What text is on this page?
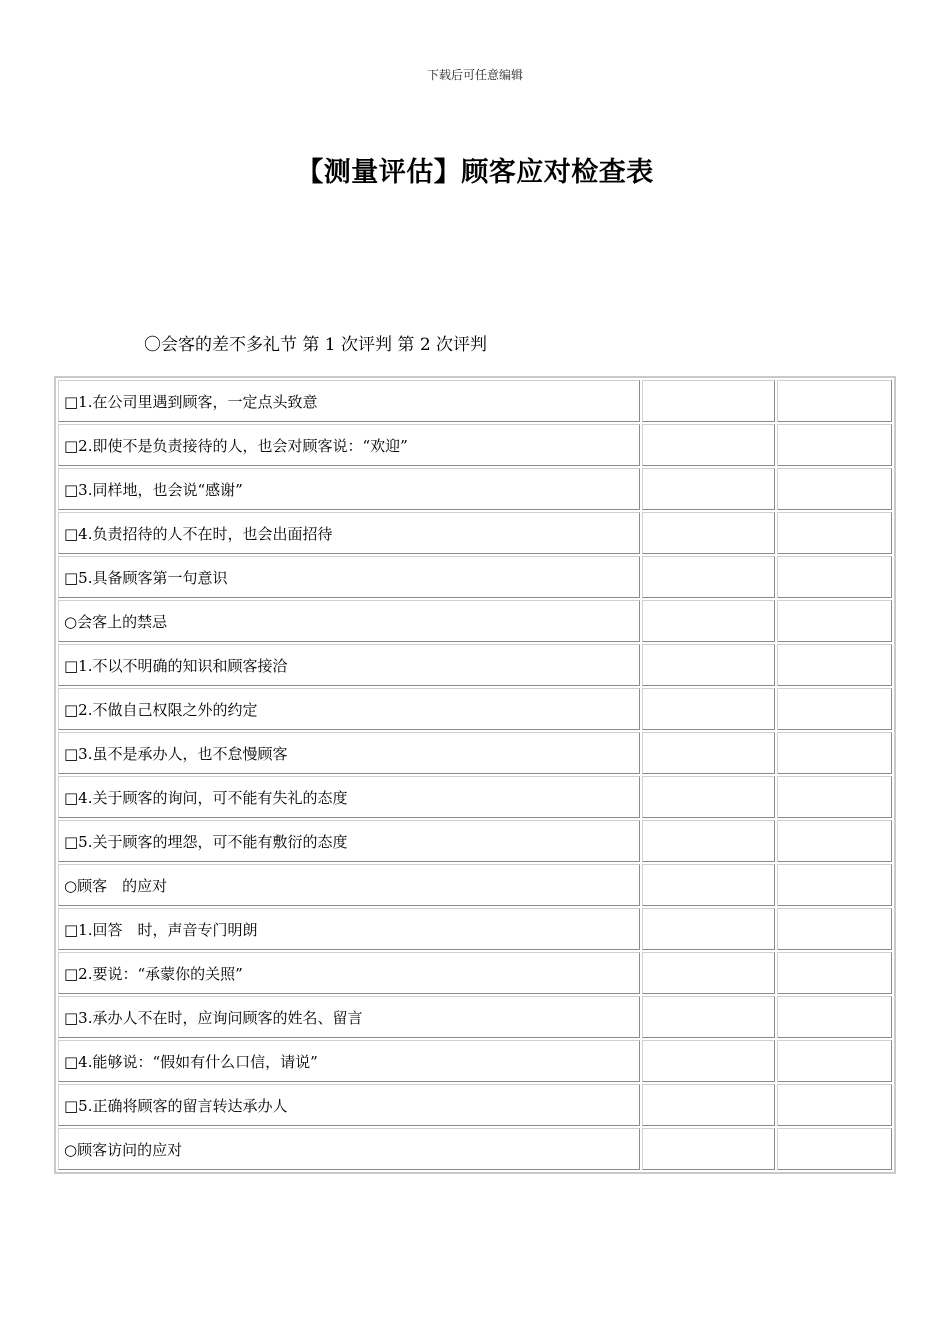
下载后可任意编辑
【测量评估】顾客应对检查表
〇会客的差不多礼节 第 1 次评判 第 2 次评判
□1.在公司里遇到顾客，一定点头致意		
□2.即使不是负责接待的人，也会对顾客说：“欢迎”		
□3.同样地，也会说“感谢”		
□4.负责招待的人不在时，也会出面招待		
□5.具备顾客第一句意识		
○会客上的禁忌		
□1.不以不明确的知识和顾客接洽		
□2.不做自己权限之外的约定		
□3.虽不是承办人，也不怠慢顾客		
□4.关于顾客的询问，可不能有失礼的态度		
□5.关于顾客的埋怨，可不能有敷衍的态度		
○顾客　的应对		
□1.回答　时，声音专门明朗		
□2.要说：“承蒙你的关照”		
□3.承办人不在时，应询问顾客的姓名、留言		
□4.能够说：“假如有什么口信，请说”		
□5.正确将顾客的留言转达承办人		
○顾客访问的应对		
